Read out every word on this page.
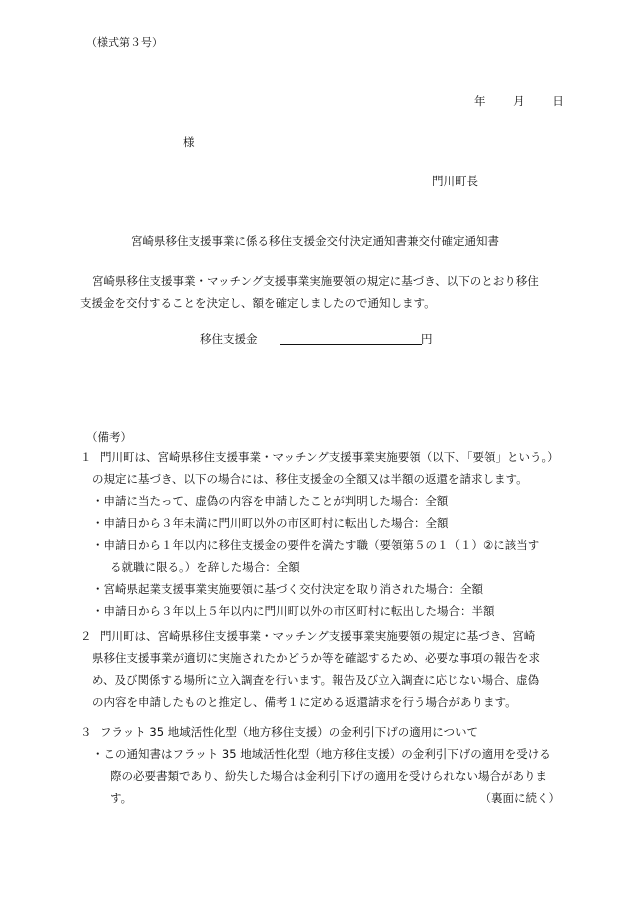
（様式第３号）
年 月 日
様
門川町長
宮崎県移住支援事業に係る移住支援金交付決定通知書兼交付確定通知書
宮崎県移住支援事業・マッチング支援事業実施要領の規定に基づき、以下のとおり移住
支援金を交付することを決定し、額を確定しましたので通知します。
移住支援金	円
（備考）
１ 門川町は、宮崎県移住支援事業・マッチング支援事業実施要領（以下､「要領」という。）
の規定に基づき、以下の場合には、移住支援金の全額又は半額の返還を請求します。
・申請に当たって、虚偽の内容を申請したことが判明した場合：全額
・申請日から３年未満に門川町以外の市区町村に転出した場合：全額
・申請日から１年以内に移住支援金の要件を満たす職（要領第５の１（１）②に該当す
る就職に限る。）を辞した場合：全額
・宮崎県起業支援事業実施要領に基づく交付決定を取り消された場合：全額
・申請日から３年以上５年以内に門川町以外の市区町村に転出した場合：半額
２ 門川町は、宮崎県移住支援事業・マッチング支援事業実施要領の規定に基づき、宮崎
県移住支援事業が適切に実施されたかどうか等を確認するため、必要な事項の報告を求
め、及び関係する場所に立入調査を行います。報告及び立入調査に応じない場合、虚偽
の内容を申請したものと推定し、備考１に定める返還請求を行う場合があります。
３ フラット 35 地域活性化型（地方移住支援）の金利引下げの適用について
・この通知書はフラット 35 地域活性化型（地方移住支援）の金利引下げの適用を受ける
際の必要書類であり、紛失した場合は金利引下げの適用を受けられない場合がありま
す。	（裏面に続く）
